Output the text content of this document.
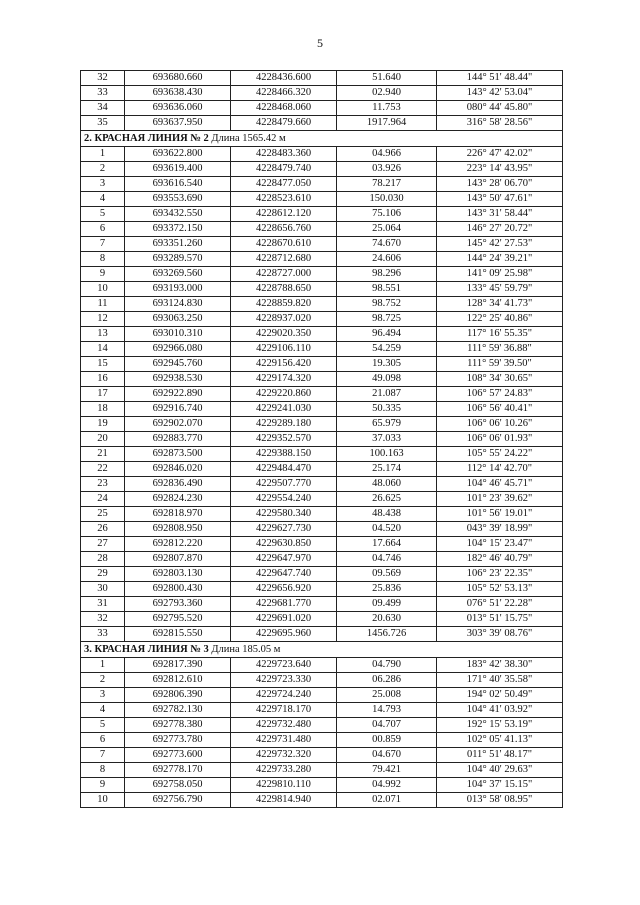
5
32	693680.660	4228436.600	51.640	144° 51' 48.44"
33	693638.430	4228466.320	02.940	143° 42' 53.04"
34	693636.060	4228468.060	11.753	080° 44' 45.80"
35	693637.950	4228479.660	1917.964	316° 58' 28.56"
2. КРАСНАЯ ЛИНИЯ № 2 Длина 1565.42 м				
1	693622.800	4228483.360	04.966	226° 47' 42.02"
2	693619.400	4228479.740	03.926	223° 14' 43.95"
3	693616.540	4228477.050	78.217	143° 28' 06.70"
4	693553.690	4228523.610	150.030	143° 50' 47.61"
5	693432.550	4228612.120	75.106	143° 31' 58.44"
6	693372.150	4228656.760	25.064	146° 27' 20.72"
7	693351.260	4228670.610	74.670	145° 42' 27.53"
8	693289.570	4228712.680	24.606	144° 24' 39.21"
9	693269.560	4228727.000	98.296	141° 09' 25.98"
10	693193.000	4228788.650	98.551	133° 45' 59.79"
11	693124.830	4228859.820	98.752	128° 34' 41.73"
12	693063.250	4228937.020	98.725	122° 25' 40.86"
13	693010.310	4229020.350	96.494	117° 16' 55.35"
14	692966.080	4229106.110	54.259	111° 59' 36.88"
15	692945.760	4229156.420	19.305	111° 59' 39.50"
16	692938.530	4229174.320	49.098	108° 34' 30.65"
17	692922.890	4229220.860	21.087	106° 57' 24.83"
18	692916.740	4229241.030	50.335	106° 56' 40.41"
19	692902.070	4229289.180	65.979	106° 06' 10.26"
20	692883.770	4229352.570	37.033	106° 06' 01.93"
21	692873.500	4229388.150	100.163	105° 55' 24.22"
22	692846.020	4229484.470	25.174	112° 14' 42.70"
23	692836.490	4229507.770	48.060	104° 46' 45.71"
24	692824.230	4229554.240	26.625	101° 23' 39.62"
25	692818.970	4229580.340	48.438	101° 56' 19.01"
26	692808.950	4229627.730	04.520	043° 39' 18.99"
27	692812.220	4229630.850	17.664	104° 15' 23.47"
28	692807.870	4229647.970	04.746	182° 46' 40.79"
29	692803.130	4229647.740	09.569	106° 23' 22.35"
30	692800.430	4229656.920	25.836	105° 52' 53.13"
31	692793.360	4229681.770	09.499	076° 51' 22.28"
32	692795.520	4229691.020	20.630	013° 51' 15.75"
33	692815.550	4229695.960	1456.726	303° 39' 08.76"
3. КРАСНАЯ ЛИНИЯ № 3 Длина 185.05 м				
1	692817.390	4229723.640	04.790	183° 42' 38.30"
2	692812.610	4229723.330	06.286	171° 40' 35.58"
3	692806.390	4229724.240	25.008	194° 02' 50.49"
4	692782.130	4229718.170	14.793	104° 41' 03.92"
5	692778.380	4229732.480	04.707	192° 15' 53.19"
6	692773.780	4229731.480	00.859	102° 05' 41.13"
7	692773.600	4229732.320	04.670	011° 51' 48.17"
8	692778.170	4229733.280	79.421	104° 40' 29.63"
9	692758.050	4229810.110	04.992	104° 37' 15.15"
10	692756.790	4229814.940	02.071	013° 58' 08.95"
